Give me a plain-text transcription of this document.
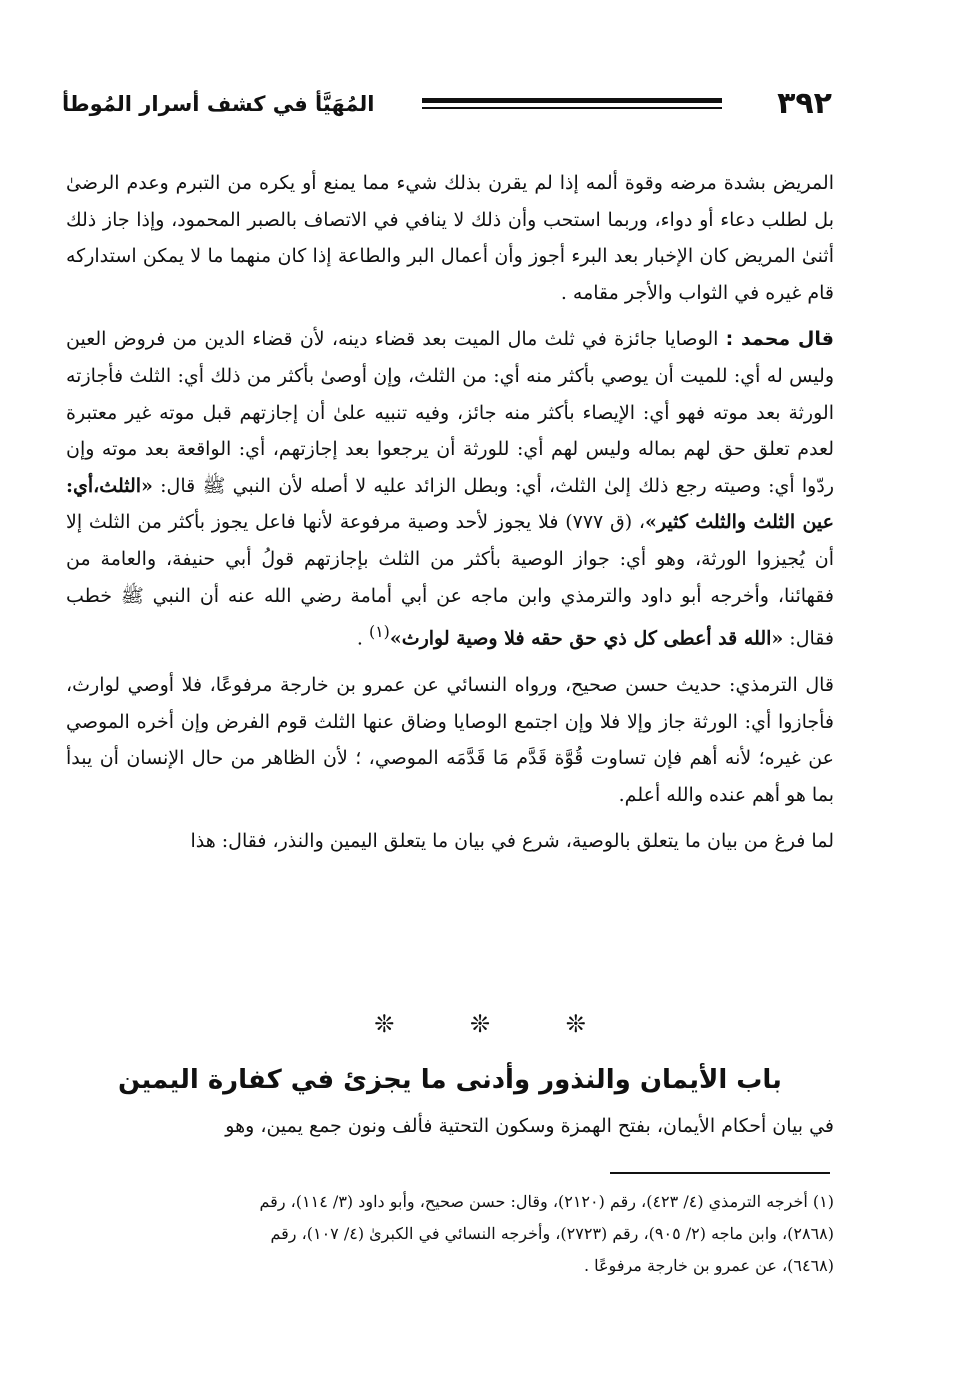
٣٩٢
المُهَيَّأ في كشف أسرار المُوطأ

المريض بشدة مرضه وقوة ألمه إذا لم يقرن بذلك شيء مما يمنع أو يكره من التبرم وعدم الرضىٰ بل لطلب دعاء أو دواء، وربما استحب وأن ذلك لا ينافي في الاتصاف بالصبر المحمود، وإذا جاز ذلك أثنىٰ المريض كان الإخبار بعد البرء أجوز وأن أعمال البر والطاعة إذا كان منهما ما لا يمكن استداركه قام غيره في الثواب والأجر مقامه .

قال محمد : الوصايا جائزة في ثلث مال الميت بعد قضاء دينه، لأن قضاء الدين من فروض العين وليس له أي: للميت أن يوصي بأكثر منه أي: من الثلث، وإن أوصىٰ بأكثر من ذلك أي: الثلث فأجازته الورثة بعد موته فهو أي: الإيصاء بأكثر منه جائز، وفيه تنبيه علىٰ أن إجازتهم قبل موته غير معتبرة لعدم تعلق حق لهم بماله وليس لهم أي: للورثة أن يرجعوا بعد إجازتهم، أي: الواقعة بعد موته وإن ردّوا أي: وصيته رجع ذلك إلىٰ الثلث، أي: وبطل الزائد عليه لا أصله لأن النبي ﷺ قال: «الثلث،أي: عين الثلث والثلث كثير»، (ق ٧٧٧) فلا يجوز لأحد وصية مرفوعة لأنها فاعل يجوز بأكثر من الثلث إلا أن يُجيزوا الورثة، وهو أي: جواز الوصية بأكثر من الثلث بإجازتهم قولُ أبي حنيفة، والعامة من فقهائنا، وأخرجه أبو داود والترمذي وابن ماجه عن أبي أمامة رضي الله عنه أن النبي ﷺ خطب فقال: «الله قد أعطى كل ذي حق حقه فلا وصية لوارث»$^{(١)}$ .

قال الترمذي: حديث حسن صحيح، ورواه النسائي عن عمرو بن خارجة مرفوعًا، فلا أوصي لوارث، فأجازوا أي: الورثة جاز وإلا فلا وإن اجتمع الوصايا وضاق عنها الثلث قوم الفرض وإن أخره الموصي عن غيره؛ لأنه أهم فإن تساوت قُوَّة قَدَّم مَا قَدَّمَه الموصي، ؛ لأن الظاهر من حال الإنسان أن يبدأ بما هو أهم عنده والله أعلم.

لما فرغ من بيان ما يتعلق بالوصية، شرع في بيان ما يتعلق اليمين والنذر، فقال: هذا

❊ ❊ ❊
باب الأيمان والنذور وأدنى ما يجزئ في كفارة اليمين
في بيان أحكام الأيمان، بفتح الهمزة وسكون التحتية فألف ونون جمع يمين، وهو

(١) أخرجه الترمذي (٤/ ٤٢٣)، رقم (٢١٢٠)، وقال: حسن صحيح، وأبو داود (٣/ ١١٤)، رقم

(٢٨٦٨)، وابن ماجه (٢/ ٩٠٥)، رقم (٢٧٢٣)، وأخرجه النسائي في الكبرىٰ (٤/ ١٠٧)، رقم

(٦٤٦٨)، عن عمرو بن خارجة مرفوعًا .
